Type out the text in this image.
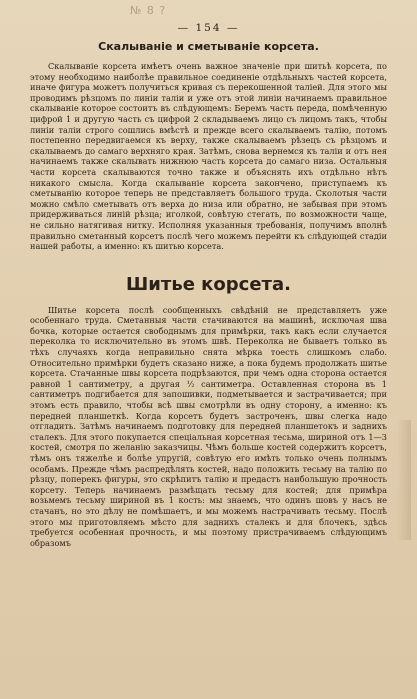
№ 8 ?
— 154 —
Скалываніе и сметываніе корсета.

Скалываніе корсета имѣетъ очень важное значеніе при шитьѣ корсета, по этому необходимо наиболѣе правильное соединеніе отдѣльныхъ частей корсета, иначе фигура можетъ получиться кривая съ перекошенной таліей. Для этого мы проводимъ рѣзцомъ по линіи таліи и уже отъ этой линіи начинаемъ правильное скалываніе которое состоитъ въ слѣдующемъ: Беремъ часть переда, помѣченную цифрой 1 и другую часть съ цифрой 2 складываемъ лицо съ лицомъ такъ, чтобы линіи таліи строго сошлись вмѣстѣ и прежде всего скалываемъ талію, потомъ постепенно передвигаемся къ верху, также скалываемъ рѣзецъ съ рѣзцомъ и скалываемъ до самаго верхняго края. Затѣмъ, снова вернемся къ таліи и отъ нея начинаемъ также скалывать нижнюю часть корсета до самаго низа. Остальныя части корсета скалываются точно также и объяснять ихъ отдѣльно нѣтъ никакого смысла. Когда скалываніе корсета закончено, приступаемъ къ сметыванію которое теперь не представляетъ большого труда. Сколотыя части можно смѣло сметывать отъ верха до низа или обратно, не забывая при этомъ придерживаться линій рѣзца; иголкой, совѣтую стегать, по возможности чаще, не сильно натягивая нитку. Исполняя указанныя требованія, получимъ вполнѣ правильно сметанный корсетъ послѣ чего можемъ перейти къ слѣдующей стадіи нашей работы, а именно: къ шитью корсета.

Шитье корсета.

Шитье корсета послѣ сообщенныхъ свѣдѣній не представляетъ уже особеннаго труда. Сметанныя части стачиваются на машинѣ, исключая шва бочка, которые остается свободнымъ для примѣрки, такъ какъ если случается переколка то исключительно въ этомъ швѣ. Переколка не бываетъ только въ тѣхъ случаяхъ когда неправильно снята мѣрка тоесть слишкомъ слабо. Относительно примѣрки будетъ сказано ниже, а пока будемъ продолжать шитье корсета. Стачанные швы корсета подрѣзаются, при чемъ одна сторона остается равной 1 сантиметру, а другая ½ сантиметра. Оставленная сторона въ 1 сантиметръ подгибается для запошивки, подметывается и застрачивается; при этомъ есть правило, чтобы всѣ швы смотрѣли въ одну сторону, а именно: къ передней планшеткѣ. Когда корсетъ будетъ застроченъ, швы слегка надо отгладить. Затѣмъ начинаемъ подготовку для передней планшетокъ и заднихъ сталекъ. Для этого покупается спеціальная корсетная тесьма, шириной отъ 1—3 костей, смотря по желанію заказчицы. Чѣмъ больше костей содержитъ корсетъ, тѣмъ онъ тяжелѣе и болѣе упругій, совѣтую его имѣть только очень полнымъ особамъ. Прежде чѣмъ распредѣлять костей, надо положить тесьму на талію по рѣзцу, поперекъ фигуры, это скрѣпитъ талію и предастъ наибольшую прочность корсету. Теперь начинаемъ размѣщать тесьму для костей; для примѣра возьмемъ тесьму шириной въ 1 кость: мы знаемъ, что одинъ шовъ у насъ не стачанъ, но это дѣлу не помѣшаетъ, и мы можемъ настрачивать тесьму. Послѣ этого мы приготовляемъ мѣсто для заднихъ сталекъ и для блочекъ, здѣсь требуется особенная прочность, и мы поэтому пристрачиваемъ слѣдующимъ образомъ
